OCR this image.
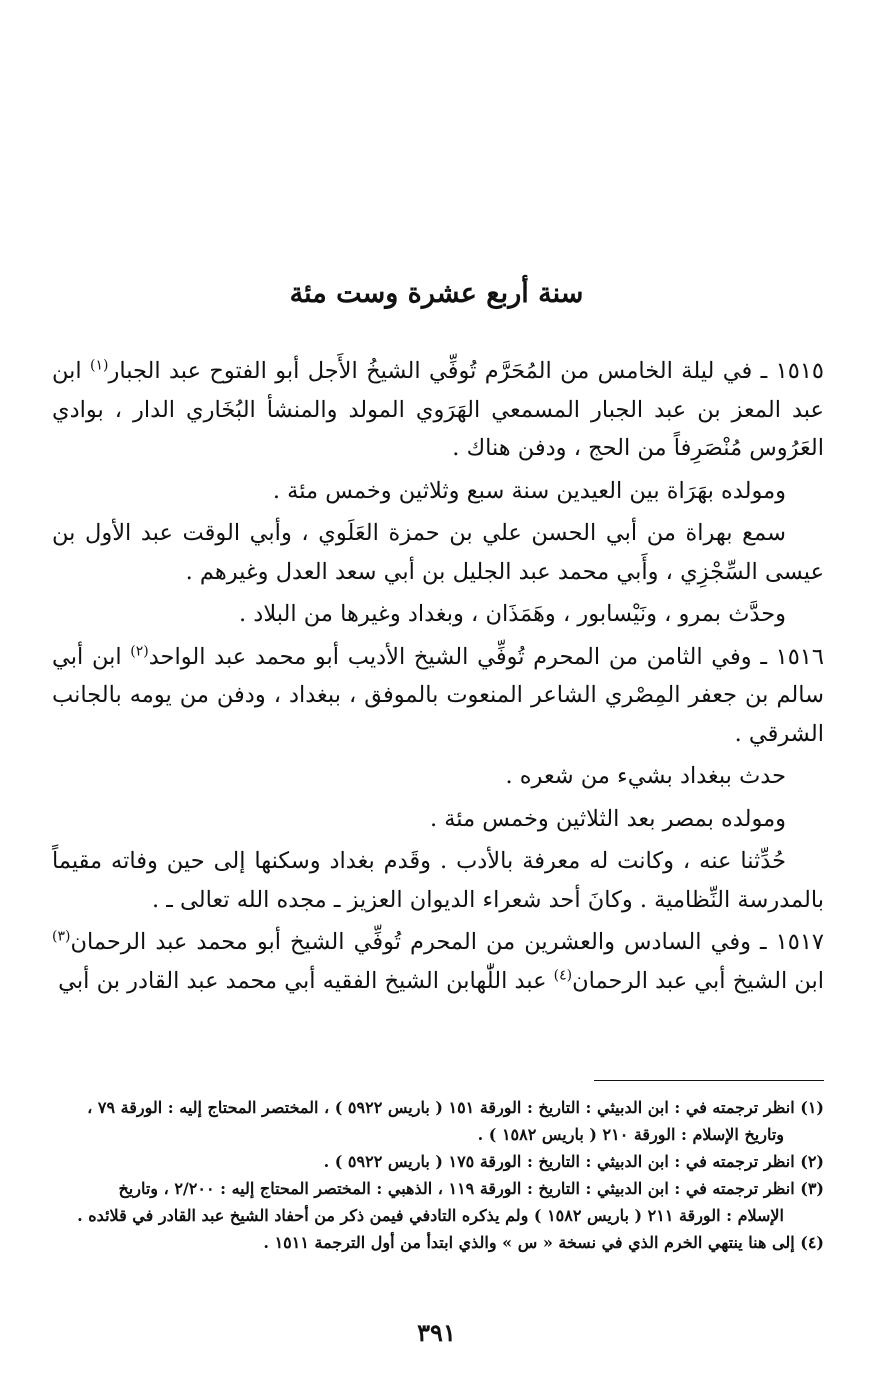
سنة أربع عشرة وست مئة

١٥١٥ ـ في ليلة الخامس من المُحَرَّم تُوفِّي الشيخُ الأَجل أبو الفتوح عبد الجبار$^{(١)}$ ابن عبد المعز بن عبد الجبار المسمعي الهَرَوي المولد والمنشأ البُخَاري الدار ، بوادي العَرُوس مُنْصَرِفاً من الحج ، ودفن هناك .

ومولده بهَرَاة بين العيدين سنة سبع وثلاثين وخمس مئة .

سمع بهراة من أبي الحسن علي بن حمزة العَلَوي ، وأبي الوقت عبد الأول بن عيسى السِّجْزِي ، وأَبي محمد عبد الجليل بن أبي سعد العدل وغيرهم .

وحدَّث بمرو ، ونَيْسابور ، وهَمَذَان ، وبغداد وغيرها من البلاد .

١٥١٦ ـ وفي الثامن من المحرم تُوفِّي الشيخ الأديب أبو محمد عبد الواحد$^{(٢)}$ ابن أبي سالم بن جعفر المِصْري الشاعر المنعوت بالموفق ، ببغداد ، ودفن من يومه بالجانب الشرقي .

حدث ببغداد بشيء من شعره .

ومولده بمصر بعد الثلاثين وخمس مئة .

حُدِّثنا عنه ، وكانت له معرفة بالأدب . وقَدم بغداد وسكنها إلى حين وفاته مقيماً بالمدرسة النِّظامية . وكانَ أحد شعراء الديوان العزيز ـ مجده الله تعالى ـ .

١٥١٧ ـ وفي السادس والعشرين من المحرم تُوفِّي الشيخ أبو محمد عبد الرحمان$^{(٣)}$ ابن الشيخ أبي عبد الرحمان$^{(٤)}$ عبد اللّٰهابن الشيخ الفقيه أبي محمد عبد القادر بن أبي

(١) انظر ترجمته في : ابن الدبيثي : التاريخ : الورقة ١٥١ ( باريس ٥٩٢٢ ) ، المختصر المحتاج إليه : الورقة ٧٩ ،
وتاريخ الإسلام : الورقة ٢١٠ ( باريس ١٥٨٢ ) .

(٢) انظر ترجمته في : ابن الدبيثي : التاريخ : الورقة ١٧٥ ( باريس ٥٩٢٢ ) .

(٣) انظر ترجمته في : ابن الدبيثي : التاريخ : الورقة ١١٩ ، الذهبي : المختصر المحتاج إليه : ٢/٢٠٠ ، وتاريخ
الإسلام : الورقة ٢١١ ( باريس ١٥٨٢ ) ولم يذكره التادفي فيمن ذكر من أحفاد الشيخ عبد القادر في قلائده .

(٤) إلى هنا ينتهي الخرم الذي في نسخة « س » والذي ابتدأ من أول الترجمة ١٥١١ .

٣٩١
